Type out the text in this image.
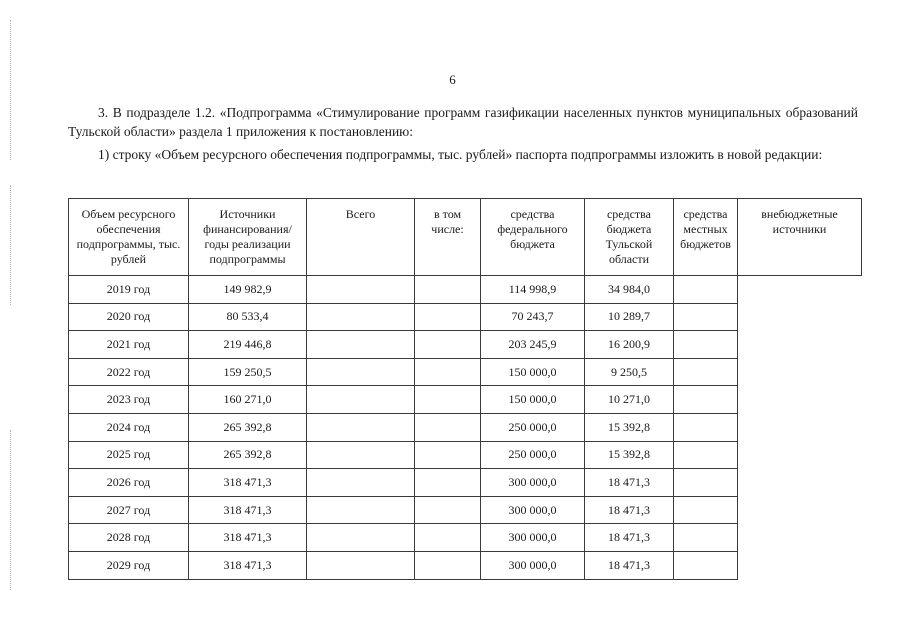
6
3. В подразделе 1.2. «Подпрограмма «Стимулирование программ газификации населенных пунктов муниципальных образований Тульской области» раздела 1 приложения к постановлению:
1) строку «Объем ресурсного обеспечения подпрограммы, тыс. рублей» паспорта подпрограммы изложить в новой редакции:
Объем ресурсного обеспечения подпрограммы, тыс. рублей	Источники финансирования/ годы реализации подпрограммы	Всего	в том числе:	средства федерального бюджета	средства бюджета Тульской области	средства местных бюджетов	внебюджетные источники
2019 год	149 982,9			114 998,9	34 984,0		
2020 год	80 533,4			70 243,7	10 289,7		
2021 год	219 446,8			203 245,9	16 200,9		
2022 год	159 250,5			150 000,0	9 250,5		
2023 год	160 271,0			150 000,0	10 271,0		
2024 год	265 392,8			250 000,0	15 392,8		
2025 год	265 392,8			250 000,0	15 392,8		
2026 год	318 471,3			300 000,0	18 471,3		
2027 год	318 471,3			300 000,0	18 471,3		
2028 год	318 471,3			300 000,0	18 471,3		
2029 год	318 471,3			300 000,0	18 471,3		
